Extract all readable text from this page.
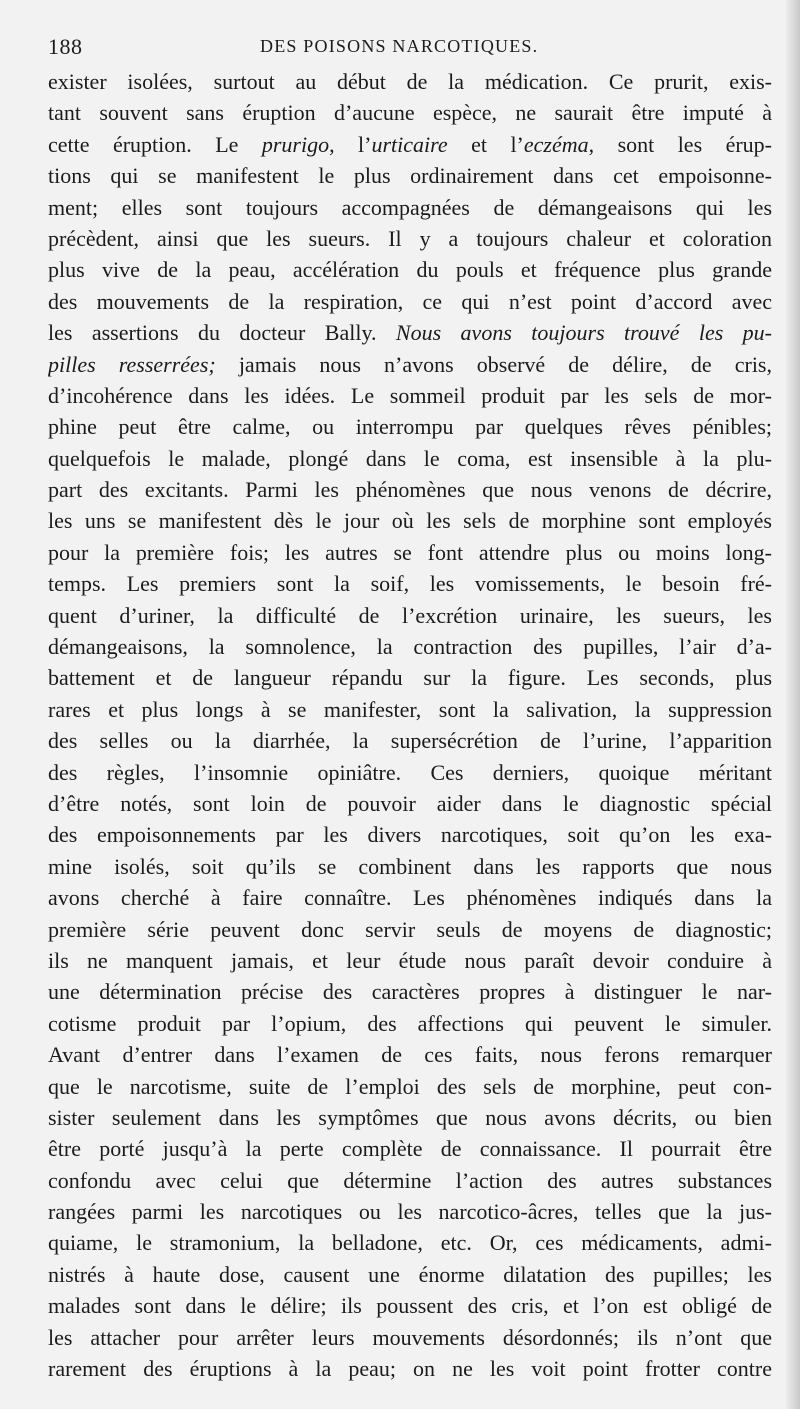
188	DES POISONS NARCOTIQUES.
exister isolées, surtout au début de la médication. Ce prurit, exis-
tant souvent sans éruption d’aucune espèce, ne saurait être imputé à
cette éruption. Le prurigo, l’urticaire et l’eczéma, sont les érup-
tions qui se manifestent le plus ordinairement dans cet empoisonne-
ment; elles sont toujours accompagnées de démangeaisons qui les
précèdent, ainsi que les sueurs. Il y a toujours chaleur et coloration
plus vive de la peau, accélération du pouls et fréquence plus grande
des mouvements de la respiration, ce qui n’est point d’accord avec
les assertions du docteur Bally. Nous avons toujours trouvé les pu-
pilles resserrées; jamais nous n’avons observé de délire, de cris,
d’incohérence dans les idées. Le sommeil produit par les sels de mor-
phine peut être calme, ou interrompu par quelques rêves pénibles;
quelquefois le malade, plongé dans le coma, est insensible à la plu-
part des excitants. Parmi les phénomènes que nous venons de décrire,
les uns se manifestent dès le jour où les sels de morphine sont employés
pour la première fois; les autres se font attendre plus ou moins long-
temps. Les premiers sont la soif, les vomissements, le besoin fré-
quent d’uriner, la difficulté de l’excrétion urinaire, les sueurs, les
démangeaisons, la somnolence, la contraction des pupilles, l’air d’a-
battement et de langueur répandu sur la figure. Les seconds, plus
rares et plus longs à se manifester, sont la salivation, la suppression
des selles ou la diarrhée, la supersécrétion de l’urine, l’apparition
des règles, l’insomnie opiniâtre. Ces derniers, quoique méritant
d’être notés, sont loin de pouvoir aider dans le diagnostic spécial
des empoisonnements par les divers narcotiques, soit qu’on les exa-
mine isolés, soit qu’ils se combinent dans les rapports que nous
avons cherché à faire connaître. Les phénomènes indiqués dans la
première série peuvent donc servir seuls de moyens de diagnostic;
ils ne manquent jamais, et leur étude nous paraît devoir conduire à
une détermination précise des caractères propres à distinguer le nar-
cotisme produit par l’opium, des affections qui peuvent le simuler.
Avant d’entrer dans l’examen de ces faits, nous ferons remarquer
que le narcotisme, suite de l’emploi des sels de morphine, peut con-
sister seulement dans les symptômes que nous avons décrits, ou bien
être porté jusqu’à la perte complète de connaissance. Il pourrait être
confondu avec celui que détermine l’action des autres substances
rangées parmi les narcotiques ou les narcotico-âcres, telles que la jus-
quiame, le stramonium, la belladone, etc. Or, ces médicaments, admi-
nistrés à haute dose, causent une énorme dilatation des pupilles; les
malades sont dans le délire; ils poussent des cris, et l’on est obligé de
les attacher pour arrêter leurs mouvements désordonnés; ils n’ont que
rarement des éruptions à la peau; on ne les voit point frotter contre
